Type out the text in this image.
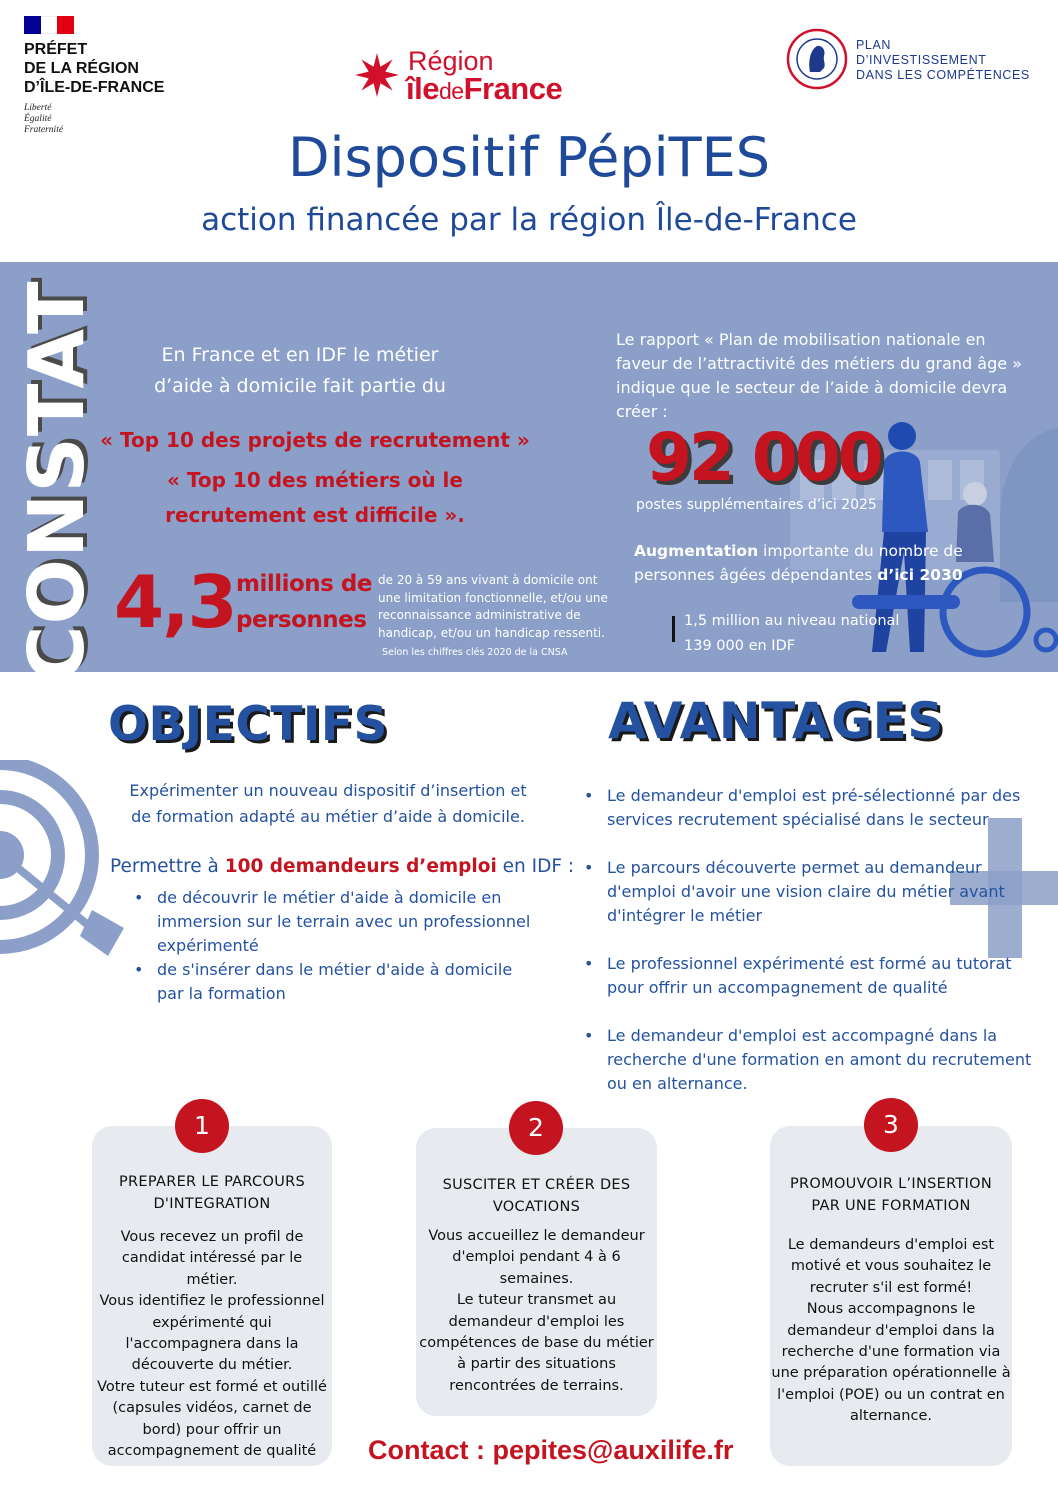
PRÉFET
DE LA RÉGION
D’ÎLE-DE-FRANCE
Liberté
Égalité
Fraternité
Région
îledeFrance
PLAN
D’INVESTISSEMENT
DANS LES COMPÉTENCES
Dispositif PépiTES
action financée par la région Île-de-France
CONSTAT	En France et en IDF le métier
d’aide à domicile fait partie du
« Top 10 des projets de recrutement »
« Top 10 des métiers où le
recrutement est difficile ».
4,3 millions de
personnes
de 20 à 59 ans vivant à domicile ont
une limitation fonctionnelle, et/ou une
reconnaissance administrative de
handicap, et/ou un handicap ressenti.
Selon les chiffres clés 2020 de la CNSA
Le rapport « Plan de mobilisation nationale en
faveur de l’attractivité des métiers du grand âge »
indique que le secteur de l’aide à domicile devra
créer :
92 000
postes supplémentaires d’ici 2025
Augmentation importante du nombre de personnes âgées dépendantes d’ici 2030
1,5 million au niveau national
139 000 en IDF
OBJECTIFS	AVANTAGES
Expérimenter un nouveau dispositif d’insertion et
de formation adapté au métier d’aide à domicile.
Permettre à 100 demandeurs d’emploi en IDF :
• de découvrir le métier d'aide à domicile en
immersion sur le terrain avec un professionnel
expérimenté
• de s'insérer dans le métier d'aide à domicile
par la formation
• Le demandeur d'emploi est pré-sélectionné par des
services recrutement spécialisé dans le secteur
• Le parcours découverte permet au demandeur
d'emploi d'avoir une vision claire du métier avant
d'intégrer le métier
• Le professionnel expérimenté est formé au tutorat
pour offrir un accompagnement de qualité
• Le demandeur d'emploi est accompagné dans la
recherche d'une formation en amont du recrutement
ou en alternance.
1
PREPARER LE PARCOURS
D'INTEGRATION
Vous recevez un profil de
candidat intéressé par le
métier.
Vous identifiez le professionnel
expérimenté qui
l'accompagnera dans la
découverte du métier.
Votre tuteur est formé et outillé
(capsules vidéos, carnet de
bord) pour offrir un
accompagnement de qualité
2
SUSCITER ET CRÉER DES
VOCATIONS
Vous accueillez le demandeur
d'emploi pendant 4 à 6
semaines.
Le tuteur transmet au
demandeur d'emploi les
compétences de base du métier
à partir des situations
rencontrées de terrains.
3
PROMOUVOIR L’INSERTION
PAR UNE FORMATION
Le demandeurs d'emploi est
motivé et vous souhaitez le
recruter s'il est formé!
Nous accompagnons le
demandeur d'emploi dans la
recherche d'une formation via
une préparation opérationnelle à
l'emploi (POE) ou un contrat en
alternance.
Contact : pepites@auxilife.fr
